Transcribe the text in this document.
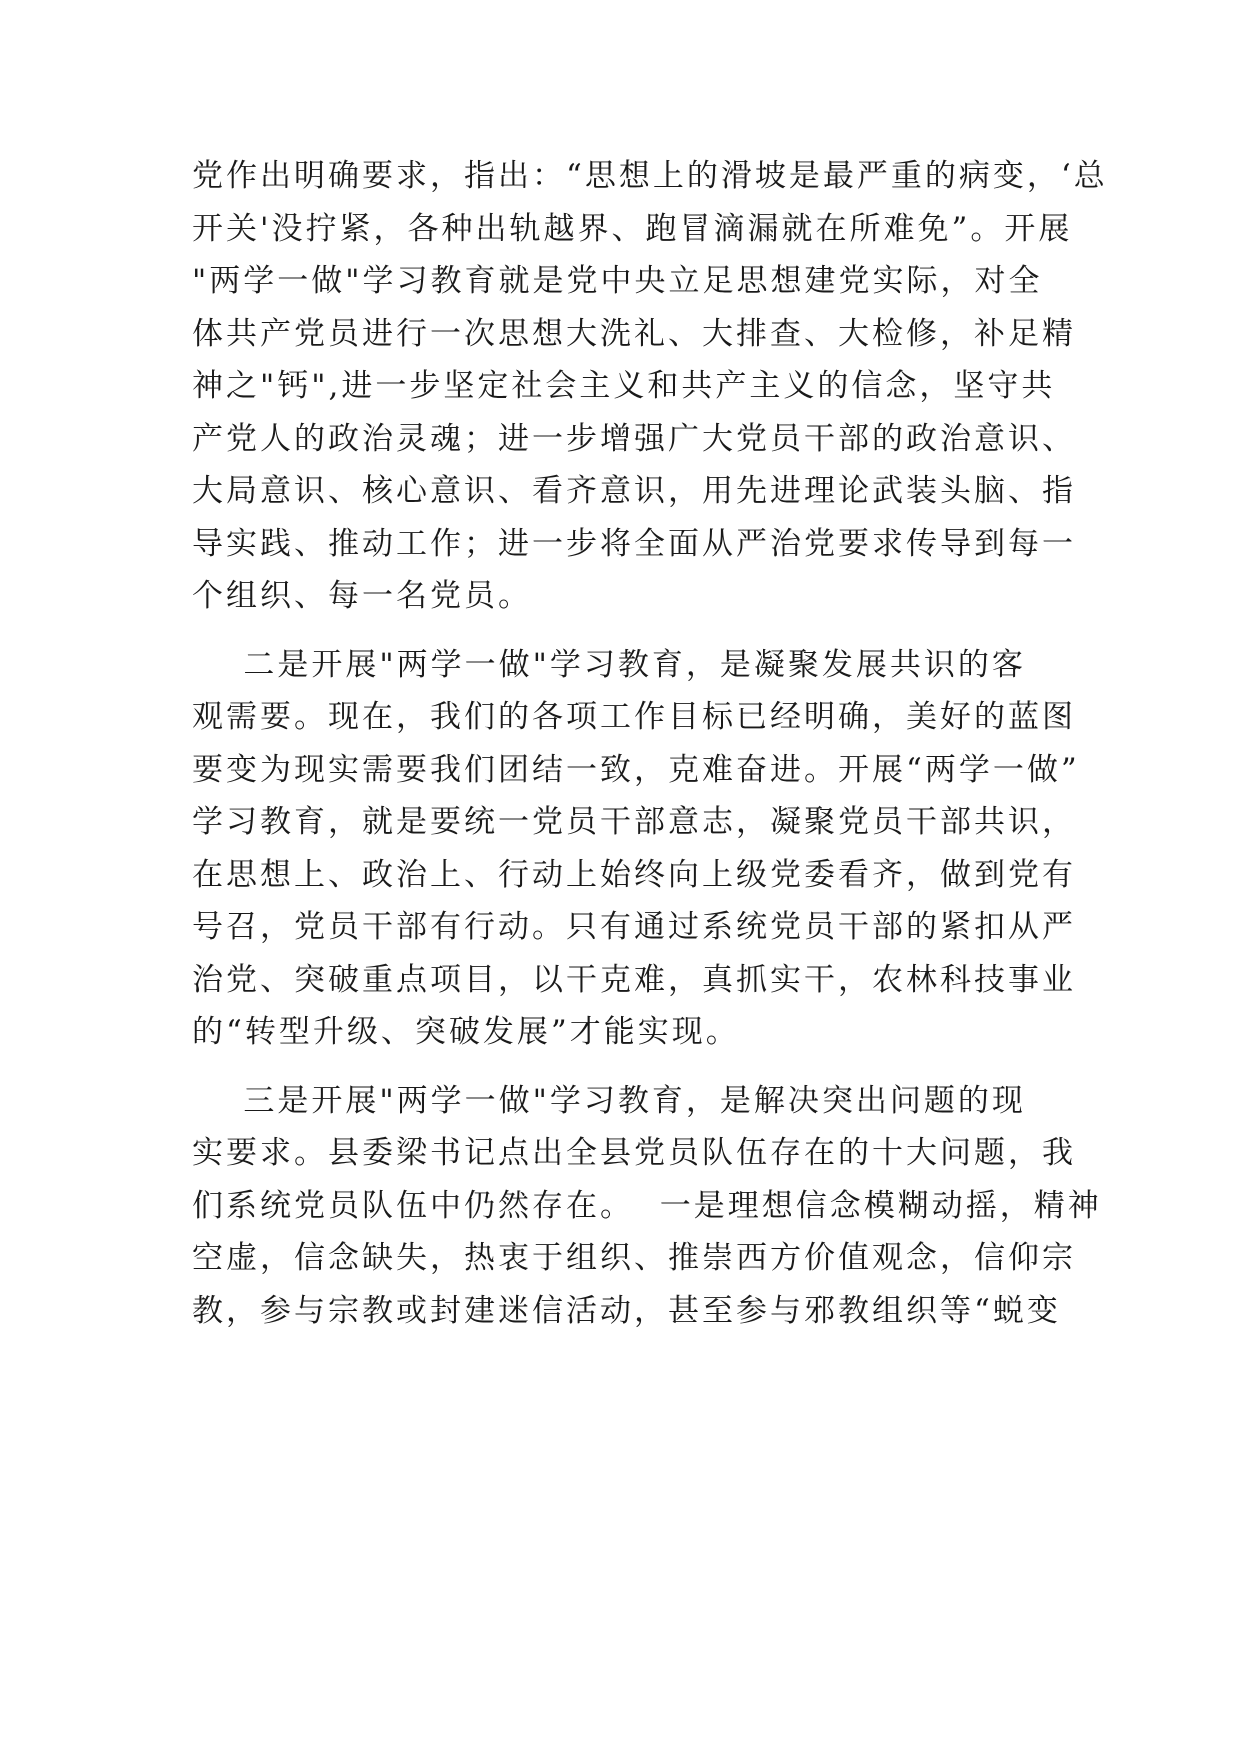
党作出明确要求，指出：“思想上的滑坡是最严重的病变，‘总
开关'没拧紧，各种出轨越界、跑冒滴漏就在所难免”。开展
"两学一做"学习教育就是党中央立足思想建党实际，对全
体共产党员进行一次思想大洗礼、大排查、大检修，补足精
神之"钙",进一步坚定社会主义和共产主义的信念，坚守共
产党人的政治灵魂；进一步增强广大党员干部的政治意识、
大局意识、核心意识、看齐意识，用先进理论武装头脑、指
导实践、推动工作；进一步将全面从严治党要求传导到每一
个组织、每一名党员。
二是开展"两学一做"学习教育，是凝聚发展共识的客
观需要。现在，我们的各项工作目标已经明确，美好的蓝图
要变为现实需要我们团结一致，克难奋进。开展“两学一做”
学习教育，就是要统一党员干部意志，凝聚党员干部共识，
在思想上、政治上、行动上始终向上级党委看齐，做到党有
号召，党员干部有行动。只有通过系统党员干部的紧扣从严
治党、突破重点项目，以干克难，真抓实干，农林科技事业
的“转型升级、突破发展”才能实现。
三是开展"两学一做"学习教育，是解决突出问题的现
实要求。县委梁书记点出全县党员队伍存在的十大问题，我
们系统党员队伍中仍然存在。  一是理想信念模糊动摇，精神
空虚，信念缺失，热衷于组织、推崇西方价值观念，信仰宗
教，参与宗教或封建迷信活动，甚至参与邪教组织等“蜕变
